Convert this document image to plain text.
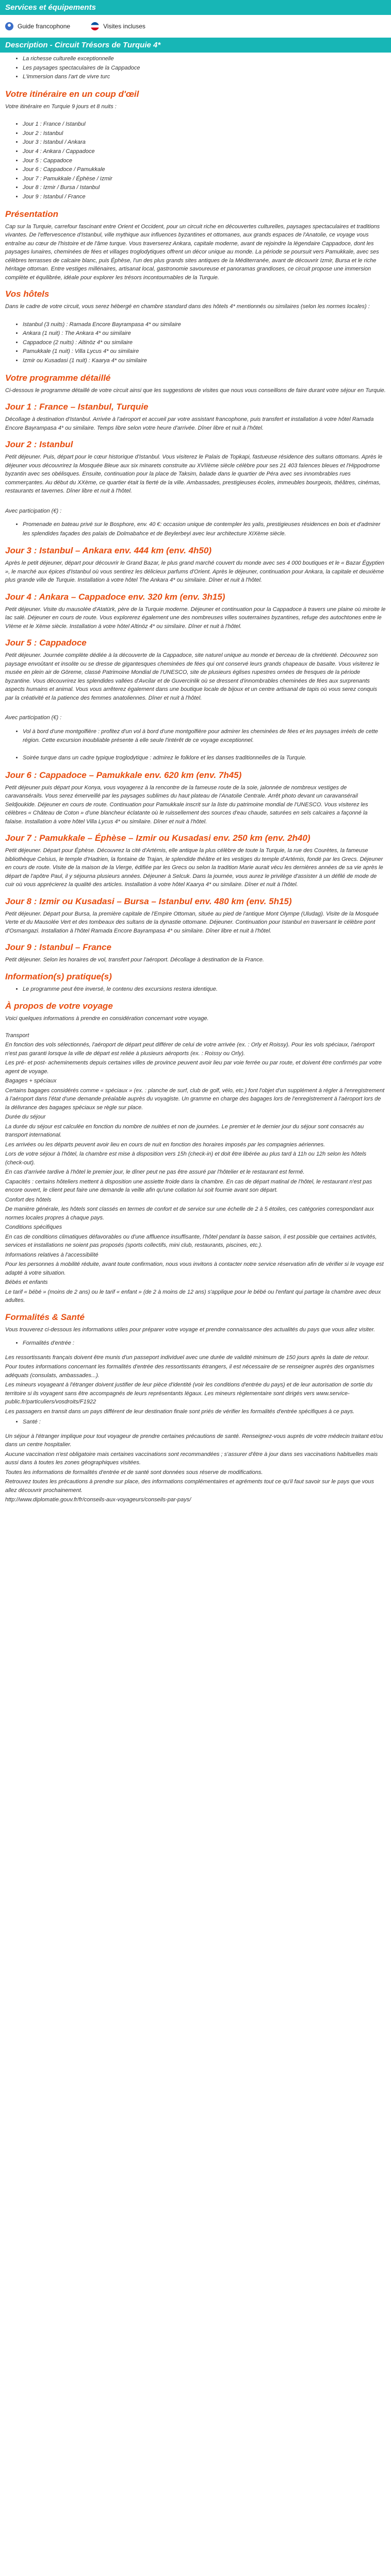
Services et équipements
Guide francophone	Visites incluses
Description - Circuit Trésors de Turquie 4*
• La richesse culturelle exceptionnelle
• Les paysages spectaculaires de la Cappadoce
• L'immersion dans l'art de vivre turc
Votre itinéraire en un coup d'œil

Votre itinéraire en Turquie 9 jours et 8 nuits :

• Jour 1 : France / Istanbul
• Jour 2 : Istanbul
• Jour 3 : Istanbul / Ankara
• Jour 4 : Ankara / Cappadoce
• Jour 5 : Cappadoce
• Jour 6 : Cappadoce / Pamukkale
• Jour 7 : Pamukkale / Éphèse / Izmir
• Jour 8 : Izmir / Bursa / Istanbul
• Jour 9 : Istanbul / France
Présentation

Cap sur la Turquie, carrefour fascinant entre Orient et Occident, pour un circuit riche en découvertes culturelles, paysages spectaculaires et traditions vivantes. De l'effervescence d'Istanbul, ville mythique aux influences byzantines et ottomanes, aux grands espaces de l'Anatolie, ce voyage vous entraîne au cœur de l'histoire et de l'âme turque. Vous traverserez Ankara, capitale moderne, avant de rejoindre la légendaire Cappadoce, dont les paysages lunaires, cheminées de fées et villages troglodytiques offrent un décor unique au monde. La période se poursuit vers Pamukkale, avec ses célèbres terrasses de calcaire blanc, puis Éphèse, l'un des plus grands sites antiques de la Méditerranée, avant de découvrir Izmir, Bursa et le riche héritage ottoman. Entre vestiges millénaires, artisanat local, gastronomie savoureuse et panoramas grandioses, ce circuit propose une immersion complète et équilibrée, idéale pour explorer les trésors incontournables de la Turquie.

Vos hôtels

Dans le cadre de votre circuit, vous serez hébergé en chambre standard dans des hôtels 4* mentionnés ou similaires (selon les normes locales) :

• Istanbul (3 nuits) : Ramada Encore Bayrampasa 4* ou similaire
• Ankara (1 nuit) : The Ankara 4* ou similaire
• Cappadoce (2 nuits) : Altinöz 4* ou similaire
• Pamukkale (1 nuit) : Villa Lycus 4* ou similaire
• Izmir ou Kusadasi (1 nuit) : Kaarya 4* ou similaire
Votre programme détaillé

Ci-dessous le programme détaillé de votre circuit ainsi que les suggestions de visites que nous vous conseillons de faire durant votre séjour en Turquie.

Jour 1 : France – Istanbul, Turquie

Décollage à destination d'Istanbul. Arrivée à l'aéroport et accueil par votre assistant francophone, puis transfert et installation à votre hôtel Ramada Encore Bayrampasa 4* ou similaire. Temps libre selon votre heure d'arrivée. Dîner libre et nuit à l'hôtel.

Jour 2 : Istanbul

Petit déjeuner. Puis, départ pour le cœur historique d'Istanbul. Vous visiterez le Palais de Topkapi, fastueuse résidence des sultans ottomans. Après le déjeuner vous découvrirez la Mosquée Bleue aux six minarets construite au XVIIème siècle célèbre pour ses 21 403 faïences bleues et l'Hippodrome byzantin avec ses obélisques. Ensuite, continuation pour la place de Taksim, balade dans le quartier de Péra avec ses innombrables rues commerçantes. Au début du XXème, ce quartier était la fierté de la ville. Ambassades, prestigieuses écoles, immeubles bourgeois, théâtres, cinémas, restaurants et tavernes. Dîner libre et nuit à l'hôtel.

Avec participation (€) :

• Promenade en bateau privé sur le Bosphore, env. 40 €: occasion unique de contempler les yalis, prestigieuses résidences en bois et d'admirer les splendides façades des palais de Dolmabahce et de Beylerbeyi avec leur architecture XIXème siècle.
Jour 3 : Istanbul – Ankara env. 444 km (env. 4h50)

Après le petit déjeuner, départ pour découvrir le Grand Bazar, le plus grand marché couvert du monde avec ses 4 000 boutiques et le « Bazar Égyptien », le marché aux épices d'Istanbul où vous sentirez les délicieux parfums d'Orient. Après le déjeuner, continuation pour Ankara, la capitale et deuxième plus grande ville de Turquie. Installation à votre hôtel The Ankara 4* ou similaire. Dîner et nuit à l'hôtel.

Jour 4 : Ankara – Cappadoce env. 320 km (env. 3h15)

Petit déjeuner. Visite du mausolée d'Atatürk, père de la Turquie moderne. Déjeuner et continuation pour la Cappadoce à travers une plaine où miroite le lac salé. Déjeuner en cours de route. Vous explorerez également une des nombreuses villes souterraines byzantines, refuge des autochtones entre le VIème et le Xème siècle. Installation à votre hôtel Altinöz 4* ou similaire. Dîner et nuit à l'hôtel.

Jour 5 : Cappadoce

Petit déjeuner. Journée complète dédiée à la découverte de la Cappadoce, site naturel unique au monde et berceau de la chrétienté. Découvrez son paysage envoûtant et insolite ou se dresse de gigantesques cheminées de fées qui ont conservé leurs grands chapeaux de basalte. Vous visiterez le musée en plein air de Göreme, classé Patrimoine Mondial de l'UNESCO, site de plusieurs églises rupestres ornées de fresques de la période byzantine. Vous découvrirez les splendides vallées d'Avcilar et de Guvercinlik où se dressent d'innombrables cheminées de fées aux surprenants aspects humains et animal. Vous vous arrêterez également dans une boutique locale de bijoux et un centre artisanal de tapis où vous serez conquis par la créativité et la patience des femmes anatoliennes. Dîner et nuit à l'hôtel.

Avec participation (€) :

• Vol à bord d'une montgolfière : profitez d'un vol à bord d'une montgolfière pour admirer les cheminées de fées et les paysages irréels de cette région. Cette excursion inoubliable présente à elle seule l'intérêt de ce voyage exceptionnel.
• Soirée turque dans un cadre typique troglodytique : admirez le folklore et les danses traditionnelles de la Turquie.
Jour 6 : Cappadoce – Pamukkale env. 620 km (env. 7h45)

Petit déjeuner puis départ pour Konya, vous voyagerez à la rencontre de la fameuse route de la soie, jalonnée de nombreux vestiges de caravansérails. Vous serez émerveillé par les paysages sublimes du haut plateau de l'Anatolie Centrale. Arrêt photo devant un caravansérail Seldjoukide. Déjeuner en cours de route. Continuation pour Pamukkale inscrit sur la liste du patrimoine mondial de l'UNESCO. Vous visiterez les célèbres « Château de Coton » d'une blancheur éclatante où le ruissellement des sources d'eau chaude, saturées en sels calcaires a façonné la falaise. Installation à votre hôtel Villa Lycus 4* ou similaire. Dîner et nuit à l'hôtel.

Jour 7 : Pamukkale – Éphèse – Izmir ou Kusadasi env. 250 km (env. 2h40)

Petit déjeuner. Départ pour Éphèse. Découvrez la cité d'Artémis, elle antique la plus célèbre de toute la Turquie, la rue des Courètes, la fameuse bibliothèque Celsius, le temple d'Hadrien, la fontaine de Trajan, le splendide théâtre et les vestiges du temple d'Artémis, fondé par les Grecs. Déjeuner en cours de route. Visite de la maison de la Vierge, édifiée par les Grecs ou selon la tradition Marie aurait vécu les dernières années de sa vie après le départ de l'apôtre Paul, il y séjourna plusieurs années. Déjeuner à Selcuk. Dans la journée, vous aurez le privilège d'assister à un défilé de mode de cuir où vous apprécierez la qualité des articles. Installation à votre hôtel Kaarya 4* ou similaire. Dîner et nuit à l'hôtel.

Jour 8 : Izmir ou Kusadasi – Bursa – Istanbul env. 480 km (env. 5h15)

Petit déjeuner. Départ pour Bursa, la première capitale de l'Empire Ottoman, située au pied de l'antique Mont Olympe (Uludag). Visite de la Mosquée Verte et du Mausolée Vert et des tombeaux des sultans de la dynastie ottomane. Déjeuner. Continuation pour Istanbul en traversant le célèbre pont d'Osmangazi. Installation à l'hôtel Ramada Encore Bayrampasa 4* ou similaire. Dîner libre et nuit à l'hôtel.

Jour 9 : Istanbul – France

Petit déjeuner. Selon les horaires de vol, transfert pour l'aéroport. Décollage à destination de la France.

Information(s) pratique(s)
• Le programme peut être inversé, le contenu des excursions restera identique.
À propos de votre voyage

Voici quelques informations à prendre en considération concernant votre voyage.

Transport

En fonction des vols sélectionnés, l'aéroport de départ peut différer de celui de votre arrivée (ex. : Orly et Roissy). Pour les vols spéciaux, l'aéroport n'est pas garanti lorsque la ville de départ est reliée à plusieurs aéroports (ex. : Roissy ou Orly).

Les pré- et post- acheminements depuis certaines villes de province peuvent avoir lieu par voie ferrée ou par route, et doivent être confirmés par votre agent de voyage.

Bagages + spéciaux

Certains bagages considérés comme « spéciaux » (ex. : planche de surf, club de golf, vélo, etc.) font l'objet d'un supplément à régler à l'enregistrement à l'aéroport dans l'état d'une demande préalable auprès du voyagiste. Un gramme en charge des bagages lors de l'enregistrement à l'aéroport lors de la délivrance des bagages spéciaux se règle sur place.

Durée du séjour

La durée du séjour est calculée en fonction du nombre de nuitées et non de journées. Le premier et le dernier jour du séjour sont consacrés au transport international.

Les arrivées ou les départs peuvent avoir lieu en cours de nuit en fonction des horaires imposés par les compagnies aériennes.

Lors de votre séjour à l'hôtel, la chambre est mise à disposition vers 15h (check-in) et doit être libérée au plus tard à 11h ou 12h selon les hôtels (check-out).

En cas d'arrivée tardive à l'hôtel le premier jour, le dîner peut ne pas être assuré par l'hôtelier et le restaurant est fermé.

Capacités : certains hôteliers mettent à disposition une assiette froide dans la chambre. En cas de départ matinal de l'hôtel, le restaurant n'est pas encore ouvert, le client peut faire une demande la veille afin qu'une collation lui soit fournie avant son départ.

Confort des hôtels

De manière générale, les hôtels sont classés en termes de confort et de service sur une échelle de 2 à 5 étoiles, ces catégories correspondant aux normes locales propres à chaque pays.

Conditions spécifiques

En cas de conditions climatiques défavorables ou d'une affluence insuffisante, l'hôtel pendant la basse saison, il est possible que certaines activités, services et installations ne soient pas proposés (sports collectifs, mini club, restaurants, piscines, etc.).

Informations relatives à l'accessibilité

Pour les personnes à mobilité réduite, avant toute confirmation, nous vous invitons à contacter notre service réservation afin de vérifier si le voyage est adapté à votre situation.

Bébés et enfants

Le tarif « bébé » (moins de 2 ans) ou le tarif « enfant » (de 2 à moins de 12 ans) s'applique pour le bébé ou l'enfant qui partage la chambre avec deux adultes.

Formalités & Santé

Vous trouverez ci-dessous les informations utiles pour préparer votre voyage et prendre connaissance des actualités du pays que vous allez visiter.

• Formalités d'entrée :

Les ressortissants français doivent être munis d'un passeport individuel avec une durée de validité minimum de 150 jours après la date de retour.

Pour toutes informations concernant les formalités d'entrée des ressortissants étrangers, il est nécessaire de se renseigner auprès des organismes adéquats (consulats, ambassades...).

Les mineurs voyageant à l'étranger doivent justifier de leur pièce d'identité (voir les conditions d'entrée du pays) et de leur autorisation de sortie du territoire si ils voyagent sans être accompagnés de leurs représentants légaux. Les mineurs règlementaire sont dirigés vers www.service-public.fr/particuliers/vosdroits/F1922

Les passagers en transit dans un pays différent de leur destination finale sont priés de vérifier les formalités d'entrée spécifiques à ce pays.

• Santé :

Un séjour à l'étranger implique pour tout voyageur de prendre certaines précautions de santé. Renseignez-vous auprès de votre médecin traitant et/ou dans un centre hospitalier.

Aucune vaccination n'est obligatoire mais certaines vaccinations sont recommandées ; s'assurer d'être à jour dans ses vaccinations habituelles mais aussi dans à toutes les zones géographiques visitées.

Toutes les informations de formalités d'entrée et de santé sont données sous réserve de modifications.

Retrouvez toutes les précautions à prendre sur place, des informations complémentaires et agréments tout ce qu'il faut savoir sur le pays que vous allez découvrir prochainement.

http://www.diplomatie.gouv.fr/fr/conseils-aux-voyageurs/conseils-par-pays/
